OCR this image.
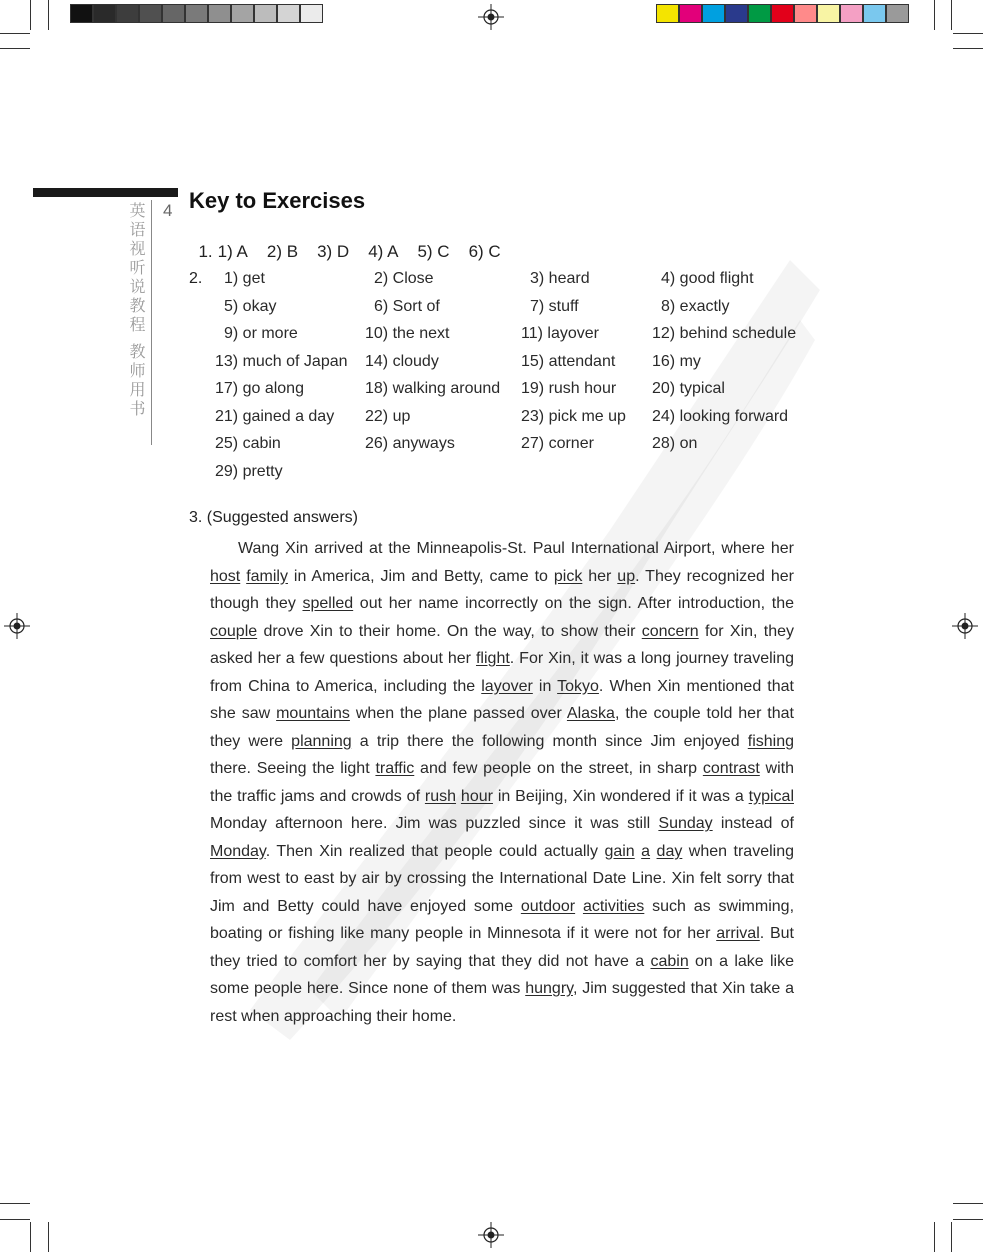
4
英语视听说教程 教师用书
Key to Exercises

1. 1) A 2) B 3) D 4) A 5) C 6) C

2.
3. (Suggested answers)
Wang Xin arrived at the Minneapolis-St. Paul International Airport, where her host family in America, Jim and Betty, came to pick her up. They recognized her though they spelled out her name incorrectly on the sign. After introduction, the couple drove Xin to their home. On the way, to show their concern for Xin, they asked her a few questions about her flight. For Xin, it was a long journey traveling from China to America, including the layover in Tokyo. When Xin mentioned that she saw mountains when the plane passed over Alaska, the couple told her that they were planning a trip there the following month since Jim enjoyed fishing there. Seeing the light traffic and few people on the street, in sharp contrast with the traffic jams and crowds of rush hour in Beijing, Xin wondered if it was a typical Monday afternoon here. Jim was puzzled since it was still Sunday instead of Monday. Then Xin realized that people could actually gain a day when traveling from west to east by air by crossing the International Date Line. Xin felt sorry that Jim and Betty could have enjoyed some outdoor activities such as swimming, boating or fishing like many people in Minnesota if it were not for her arrival. But they tried to comfort her by saying that they did not have a cabin on a lake like some people here. Since none of them was hungry, Jim suggested that Xin take a rest when approaching their home.
1) get	2) Close	3) heard	4) good flight
5) okay	6) Sort of	7) stuff	8) exactly
9) or more	10) the next	11) layover	12) behind schedule
13) much of Japan 14) cloudy	15) attendant 16) my
17) go along	18) walking around 19) rush hour 20) typical
21) gained a day 22) up	23) pick me up 24) looking forward
25) cabin	26) anyways	27) corner	28) on
29) pretty
